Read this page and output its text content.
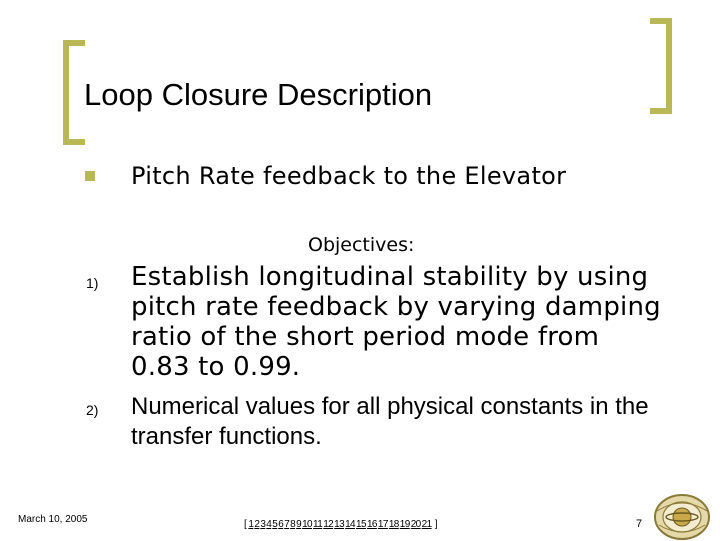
Loop Closure Description
Pitch Rate feedback to the Elevator
Objectives:
1) Establish longitudinal stability by using pitch rate feedback by varying damping ratio of the short period mode from 0.83 to 0.99.
2) Numerical values for all physical constants in the transfer functions.
March 10, 2005	[ 123456789101112131415161718192021 ]	7
